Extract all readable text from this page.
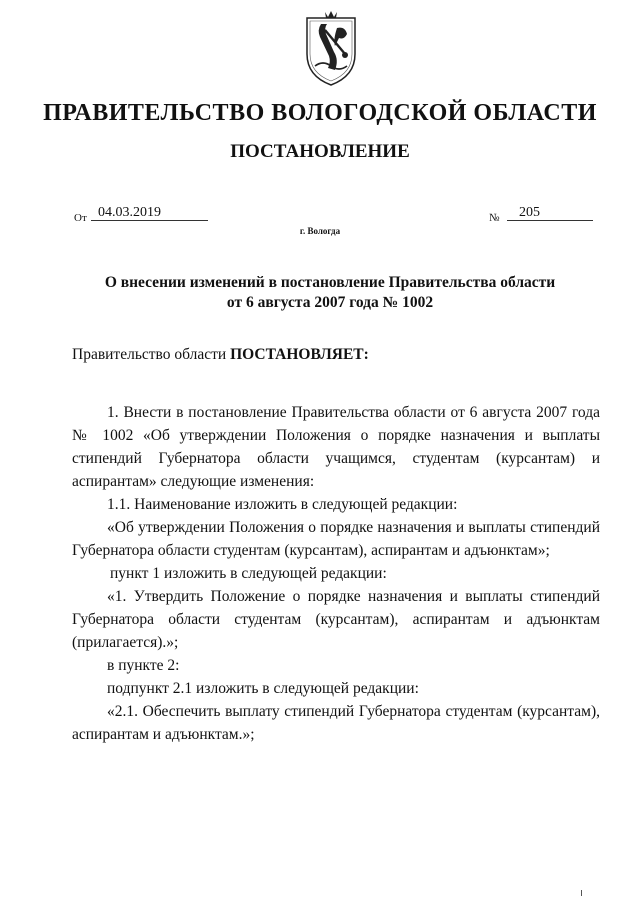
ПРАВИТЕЛЬСТВО ВОЛОГОДСКОЙ ОБЛАСТИ
ПОСТАНОВЛЕНИЕ
От 04.03.2019	№	205
г. Вологда
О внесении изменений в постановление Правительства области
от 6 августа 2007 года № 1002

Правительство области ПОСТАНОВЛЯЕТ:

1. Внести в постановление Правительства области от 6 августа 2007 года № 1002 «Об утверждении Положения о порядке назначения и выплаты стипендий Губернатора области учащимся, студентам (курсантам) и аспирантам» следующие изменения:

1.1. Наименование изложить в следующей редакции:

«Об утверждении Положения о порядке назначения и выплаты стипендий Губернатора области студентам (курсантам), аспирантам и адъюнктам»;

пункт 1 изложить в следующей редакции:

«1. Утвердить Положение о порядке назначения и выплаты стипендий Губернатора области студентам (курсантам), аспирантам и адъюнктам (прилагается).»;

в пункте 2:

подпункт 2.1 изложить в следующей редакции:

«2.1. Обеспечить выплату стипендий Губернатора студентам (курсантам), аспирантам и адъюнктам.»;
